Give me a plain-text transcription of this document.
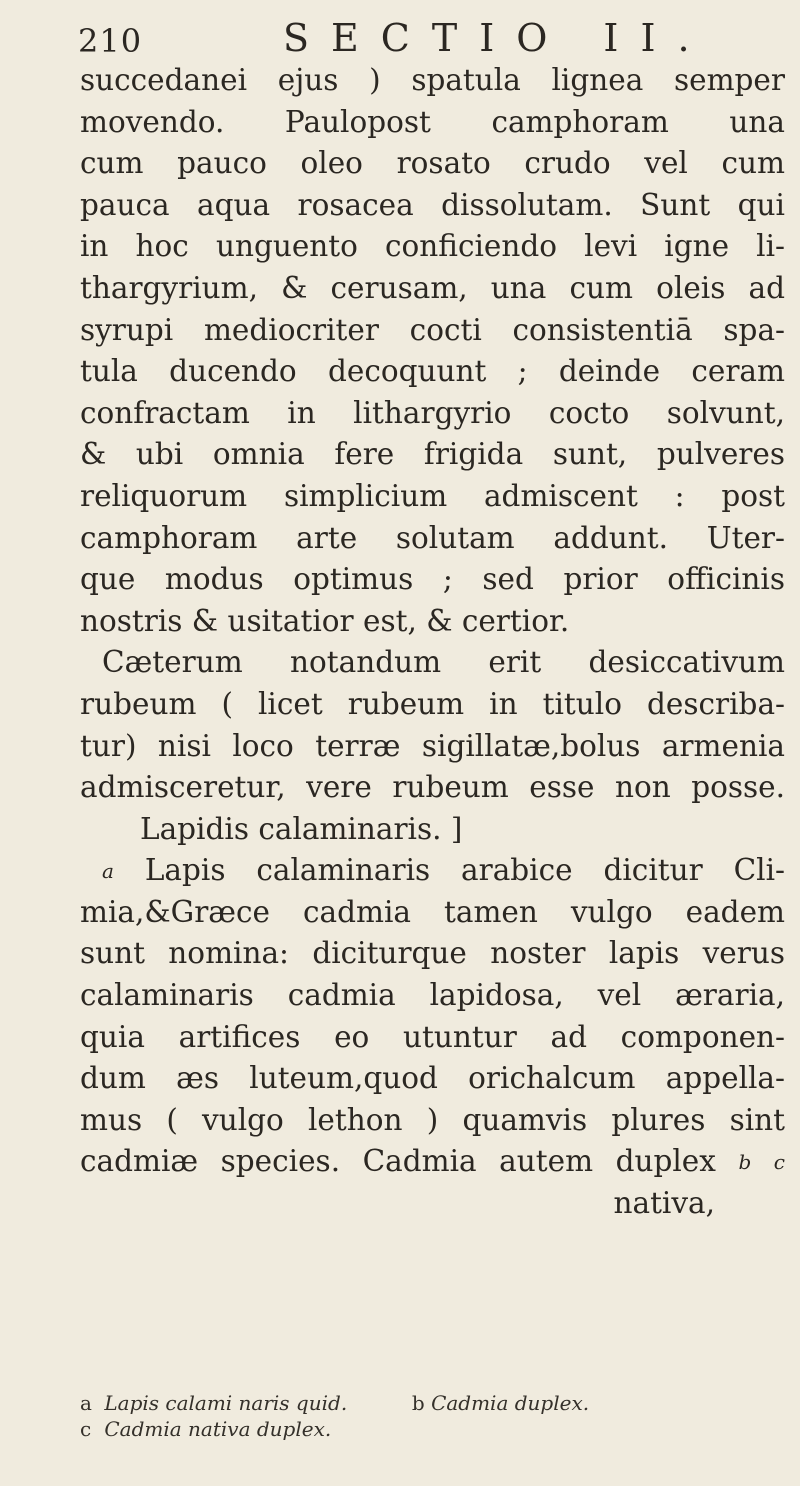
210	SECTIO II.
succedanei ejus ) spatula lignea semper
movendo. Paulopost camphoram una
cum pauco oleo rosato crudo vel cum
pauca aqua rosacea dissolutam. Sunt qui
in hoc unguento conficiendo levi igne li-
thargyrium, & cerusam, una cum oleis ad
syrupi mediocriter cocti consistentiā spa-
tula ducendo decoquunt ; deinde ceram
confractam in lithargyrio cocto solvunt,
& ubi omnia fere frigida sunt, pulveres
reliquorum simplicium admiscent : post
camphoram arte solutam addunt. Uter-
que modus optimus ; sed prior officinis
nostris & usitatior est, & certior.
Cæterum notandum erit desiccativum
rubeum ( licet rubeum in titulo describa-
tur) nisi loco terræ sigillatæ,bolus armenia
admisceretur, vere rubeum esse non posse.
Lapidis calaminaris. ]
a Lapis calaminaris arabice dicitur Cli-
mia,&Græce cadmia tamen vulgo eadem
sunt nomina: diciturque noster lapis verus
calaminaris cadmia lapidosa, vel æraria,
quia artifices eo utuntur ad componen-
dum æs luteum,quod orichalcum appella-
mus ( vulgo lethon ) quamvis plures sint
cadmiæ species. Cadmia autem duplex b c
nativa,
a Lapis calami naris quid.	b Cadmia duplex.
c Cadmia nativa duplex.
